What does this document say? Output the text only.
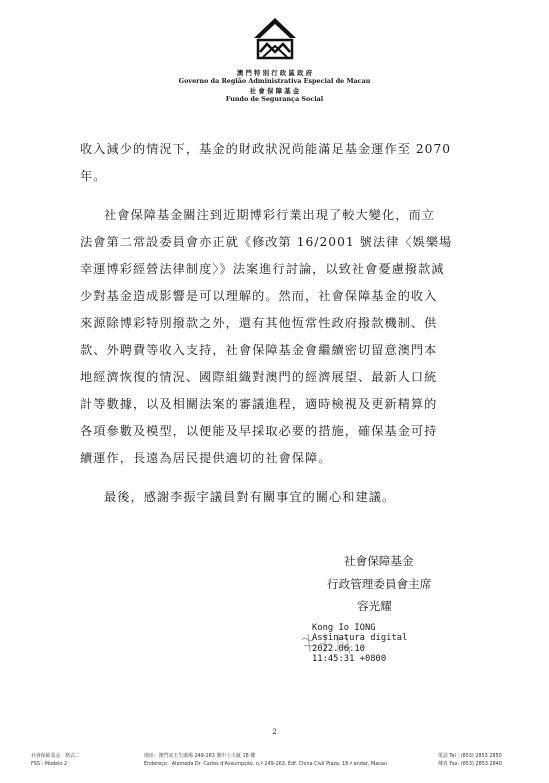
澳 門 特 別 行 政 區 政 府
Governo da Região Administrativa Especial de Macau
社 會 保 障 基 金
Fundo de Segurança Social
收入減少的情況下，基金的財政狀況尚能滿足基金運作至 2070
年。
社會保障基金關注到近期博彩行業出現了較大變化，而立
法會第二常設委員會亦正就《修改第 16/2001 號法律〈娛樂場
幸運博彩經營法律制度〉》法案進行討論，以致社會憂慮撥款減
少對基金造成影響是可以理解的。然而，社會保障基金的收入
來源除博彩特別撥款之外，還有其他恆常性政府撥款機制、供
款、外聘費等收入支持，社會保障基金會繼續密切留意澳門本
地經濟恢復的情況、國際組織對澳門的經濟展望、最新人口統
計等數據，以及相關法案的審議進程，適時檢視及更新精算的
各項參數及模型，以便能及早採取必要的措施，確保基金可持
續運作，長遠為居民提供適切的社會保障。
最後，感謝李振宇議員對有關事宜的關心和建議。
社會保障基金
行政管理委員會主席
容光耀
Kong Io IONG
Assinatura digital
2022.06.10
11:45:31 +0800
2
社會保障基金　格式二
FSS - Modelo 2
地址：澳門宋玉生廣場 249-263 號中土大廈 18 樓
Endereço：Alameda Dr. Carlos d'Assumpção, n.º 249-263, Edf. China Civil Plaza, 18.º andar, Macau
電話 Tel : (853) 2853 2850
傳真 Fax: (853) 2853 2840
